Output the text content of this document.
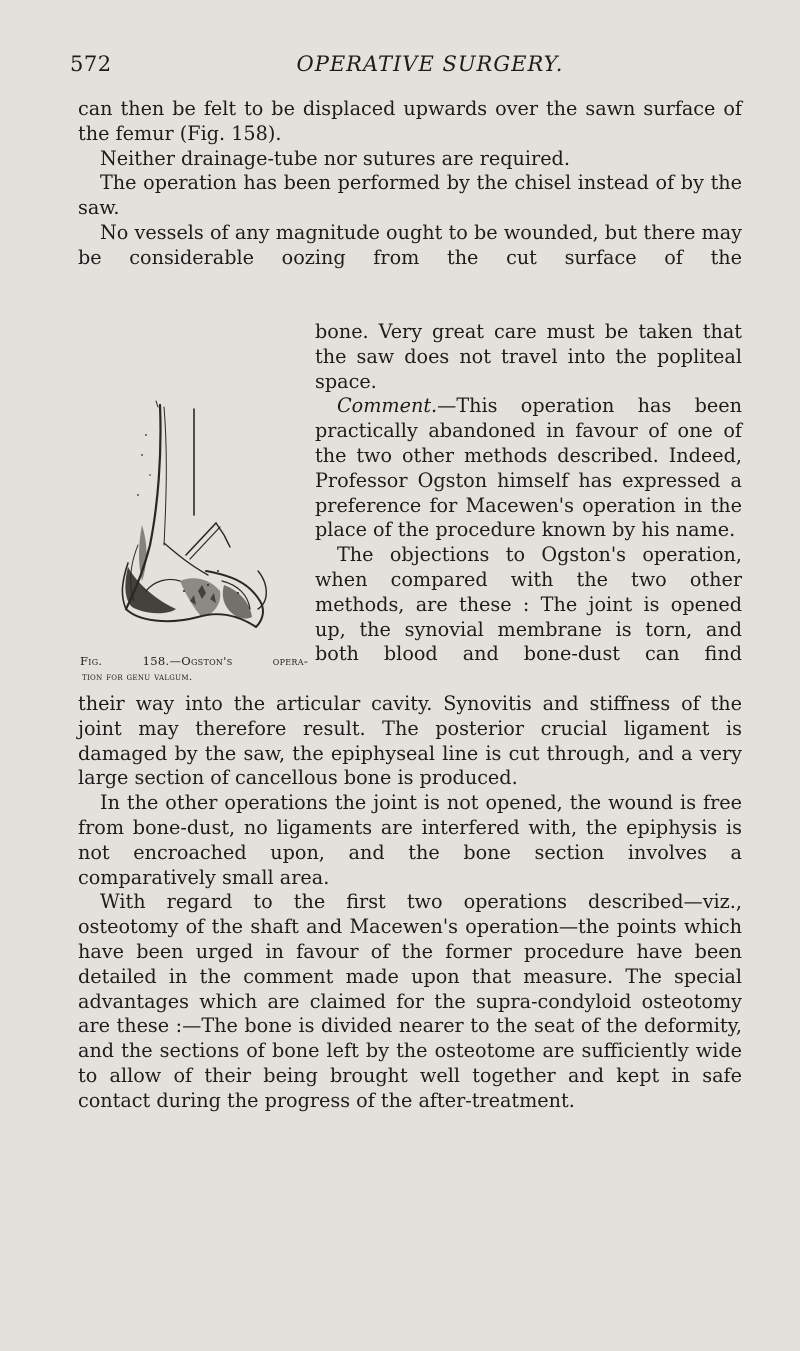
572	OPERATIVE SURGERY.

can then be felt to be displaced upwards over the sawn surface of the femur (Fig. 158).

Neither drainage-tube nor sutures are required.

The operation has been performed by the chisel instead of by the saw.

No vessels of any magnitude ought to be wounded, but there may be considerable oozing from the cut surface of the

bone. Very great care must be taken that the saw does not travel into the popliteal space.

Comment.—This operation has been practically abandoned in favour of one of the two other methods described. Indeed, Professor Ogston himself has expressed a preference for Macewen's operation in the place of the procedure known by his name.

The objections to Ogston's operation, when compared with the two other methods, are these : The joint is opened up, the synovial membrane is torn, and both blood and bone-dust can find

Fig. 158.—Ogston's opera-
tion for genu valgum.

their way into the articular cavity. Synovitis and stiffness of the joint may therefore result. The posterior crucial ligament is damaged by the saw, the epiphyseal line is cut through, and a very large section of cancellous bone is produced.

In the other operations the joint is not opened, the wound is free from bone-dust, no ligaments are interfered with, the epiphysis is not encroached upon, and the bone section involves a comparatively small area.

With regard to the first two operations described—viz., osteotomy of the shaft and Macewen's operation—the points which have been urged in favour of the former procedure have been detailed in the comment made upon that measure. The special advantages which are claimed for the supra-condyloid osteotomy are these :—The bone is divided nearer to the seat of the deformity, and the sections of bone left by the osteotome are sufficiently wide to allow of their being brought well together and kept in safe contact during the progress of the after-treatment.
